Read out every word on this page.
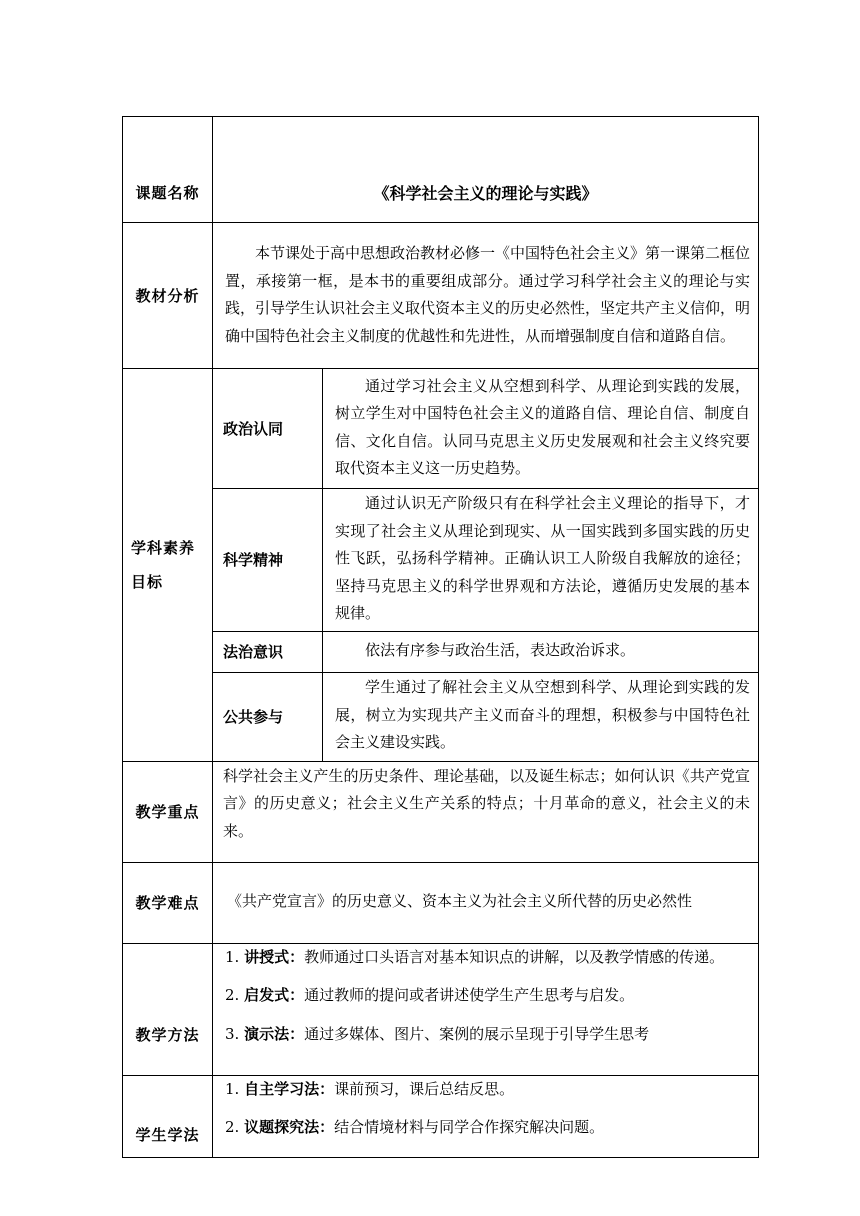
课题名称	《科学社会主义的理论与实践》	
教材分析	本节课处于高中思想政治教材必修一《中国特色社会主义》第一课第二框位置，承接第一框，是本书的重要组成部分。通过学习科学社会主义的理论与实践，引导学生认识社会主义取代资本主义的历史必然性，坚定共产主义信仰，明确中国特色社会主义制度的优越性和先进性，从而增强制度自信和道路自信。	

学科素养
目标	政治认同	通过学习社会主义从空想到科学、从理论到实践的发展，树立学生对中国特色社会主义的道路自信、理论自信、制度自信、文化自信。认同马克思主义历史发展观和社会主义终究要取代资本主义这一历史趋势。
	科学精神	通过认识无产阶级只有在科学社会主义理论的指导下，才实现了社会主义从理论到现实、从一国实践到多国实践的历史性飞跃，弘扬科学精神。正确认识工人阶级自我解放的途径；坚持马克思主义的科学世界观和方法论，遵循历史发展的基本规律。
	法治意识	依法有序参与政治生活，表达政治诉求。
	公共参与	学生通过了解社会主义从空想到科学、从理论到实践的发展，树立为实现共产主义而奋斗的理想，积极参与中国特色社会主义建设实践。
教学重点	科学社会主义产生的历史条件、理论基础，以及诞生标志；如何认识《共产党宣言》的历史意义；社会主义生产关系的特点；十月革命的意义，社会主义的未来。	
教学难点	《共产党宣言》的历史意义、资本主义为社会主义所代替的历史必然性	
教学方法	1. 讲授式：教师通过口头语言对基本知识点的讲解，以及教学情感的传递。

2. 启发式：通过教师的提问或者讲述使学生产生思考与启发。

3. 演示法：通过多媒体、图片、案例的展示呈现于引导学生思考	

学生学法	1. 自主学习法：课前预习，课后总结反思。

2. 议题探究法：结合情境材料与同学合作探究解决问题。	
